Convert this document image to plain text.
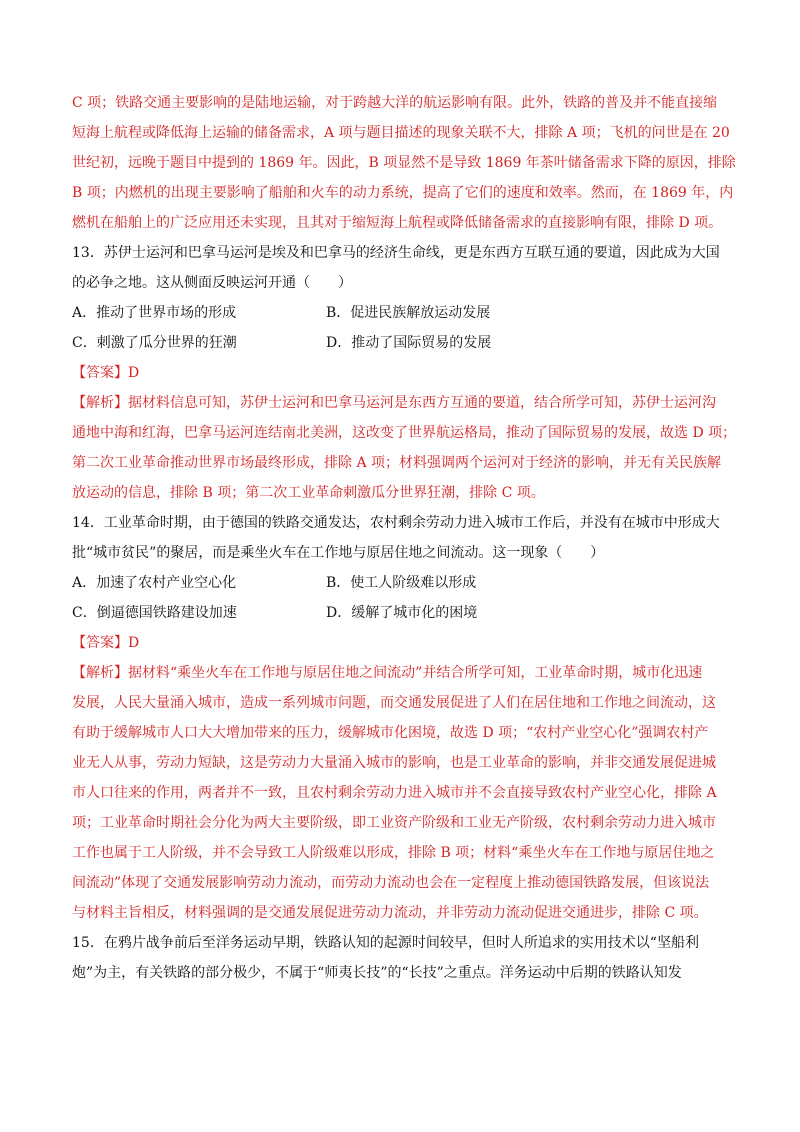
C 项；铁路交通主要影响的是陆地运输，对于跨越大洋的航运影响有限。此外，铁路的普及并不能直接缩

短海上航程或降低海上运输的储备需求，A 项与题目描述的现象关联不大，排除 A 项；飞机的问世是在 20

世纪初，远晚于题目中提到的 1869 年。因此，B 项显然不是导致 1869 年茶叶储备需求下降的原因，排除

B 项；内燃机的出现主要影响了船舶和火车的动力系统，提高了它们的速度和效率。然而，在 1869 年，内

燃机在船舶上的广泛应用还未实现，且其对于缩短海上航程或降低储备需求的直接影响有限，排除 D 项。

13．苏伊士运河和巴拿马运河是埃及和巴拿马的经济生命线，更是东西方互联互通的要道，因此成为大国

的必争之地。这从侧面反映运河开通（　　）

A．推动了世界市场的形成	B．促进民族解放运动发展
C．刺激了瓜分世界的狂潮	D．推动了国际贸易的发展

【答案】D

【解析】据材料信息可知，苏伊士运河和巴拿马运河是东西方互通的要道，结合所学可知，苏伊士运河沟

通地中海和红海，巴拿马运河连结南北美洲，这改变了世界航运格局，推动了国际贸易的发展，故选 D 项；

第二次工业革命推动世界市场最终形成，排除 A 项；材料强调两个运河对于经济的影响，并无有关民族解

放运动的信息，排除 B 项；第二次工业革命刺激瓜分世界狂潮，排除 C 项。

14．工业革命时期，由于德国的铁路交通发达，农村剩余劳动力进入城市工作后，并没有在城市中形成大

批“城市贫民”的聚居，而是乘坐火车在工作地与原居住地之间流动。这一现象（　　）

A．加速了农村产业空心化	B．使工人阶级难以形成
C．倒逼德国铁路建设加速	D．缓解了城市化的困境

【答案】D

【解析】据材料“乘坐火车在工作地与原居住地之间流动”并结合所学可知，工业革命时期，城市化迅速

发展，人民大量涌入城市，造成一系列城市问题，而交通发展促进了人们在居住地和工作地之间流动，这

有助于缓解城市人口大大增加带来的压力，缓解城市化困境，故选 D 项；“农村产业空心化”强调农村产

业无人从事，劳动力短缺，这是劳动力大量涌入城市的影响，也是工业革命的影响，并非交通发展促进城

市人口往来的作用，两者并不一致，且农村剩余劳动力进入城市并不会直接导致农村产业空心化，排除 A

项；工业革命时期社会分化为两大主要阶级，即工业资产阶级和工业无产阶级，农村剩余劳动力进入城市

工作也属于工人阶级，并不会导致工人阶级难以形成，排除 B 项；材料“乘坐火车在工作地与原居住地之

间流动”体现了交通发展影响劳动力流动，而劳动力流动也会在一定程度上推动德国铁路发展，但该说法

与材料主旨相反，材料强调的是交通发展促进劳动力流动，并非劳动力流动促进交通进步，排除 C 项。

15．在鸦片战争前后至洋务运动早期，铁路认知的起源时间较早，但时人所追求的实用技术以“坚船利

炮”为主，有关铁路的部分极少，不属于“师夷长技”的“长技”之重点。洋务运动中后期的铁路认知发
